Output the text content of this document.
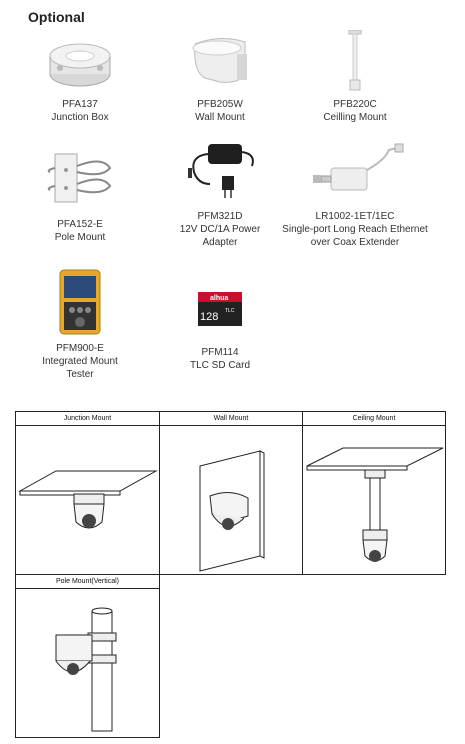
Optional
PFA137
Junction Box
PFB205W
Wall Mount
PFB220C
Ceilling Mount
PFA152-E
Pole Mount
PFM321D
12V DC/1A Power Adapter
LR1002-1ET/1EC
Single-port Long Reach Ethernet over Coax Extender
PFM900-E
Integrated Mount Tester
alhua
128 TLC
PFM114
TLC SD Card
Junction Mount	Wall Mount	Ceiling Mount
Pole Mount(Vertical)
